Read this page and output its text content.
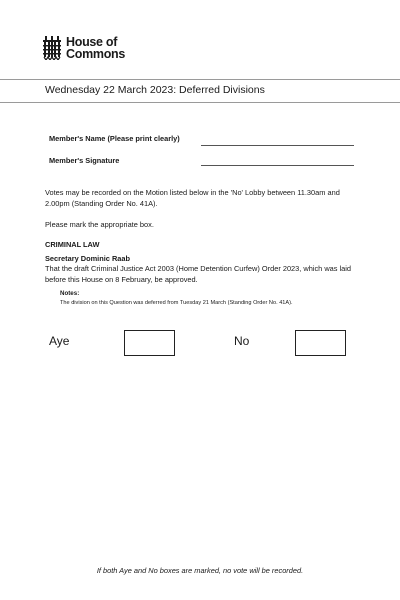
House of
Commons
Wednesday 22 March 2023: Deferred Divisions
Member's Name (Please print clearly)
Member's Signature
Votes may be recorded on the Motion listed below in the 'No' Lobby between 11.30am and 2.00pm (Standing Order No. 41A).
Please mark the appropriate box.
CRIMINAL LAW
Secretary Dominic Raab
That the draft Criminal Justice Act 2003 (Home Detention Curfew) Order 2023, which was laid before this House on 8 February, be approved.
Notes:
The division on this Question was deferred from Tuesday 21 March (Standing Order No. 41A).
Aye	No
If both Aye and No boxes are marked, no vote will be recorded.
